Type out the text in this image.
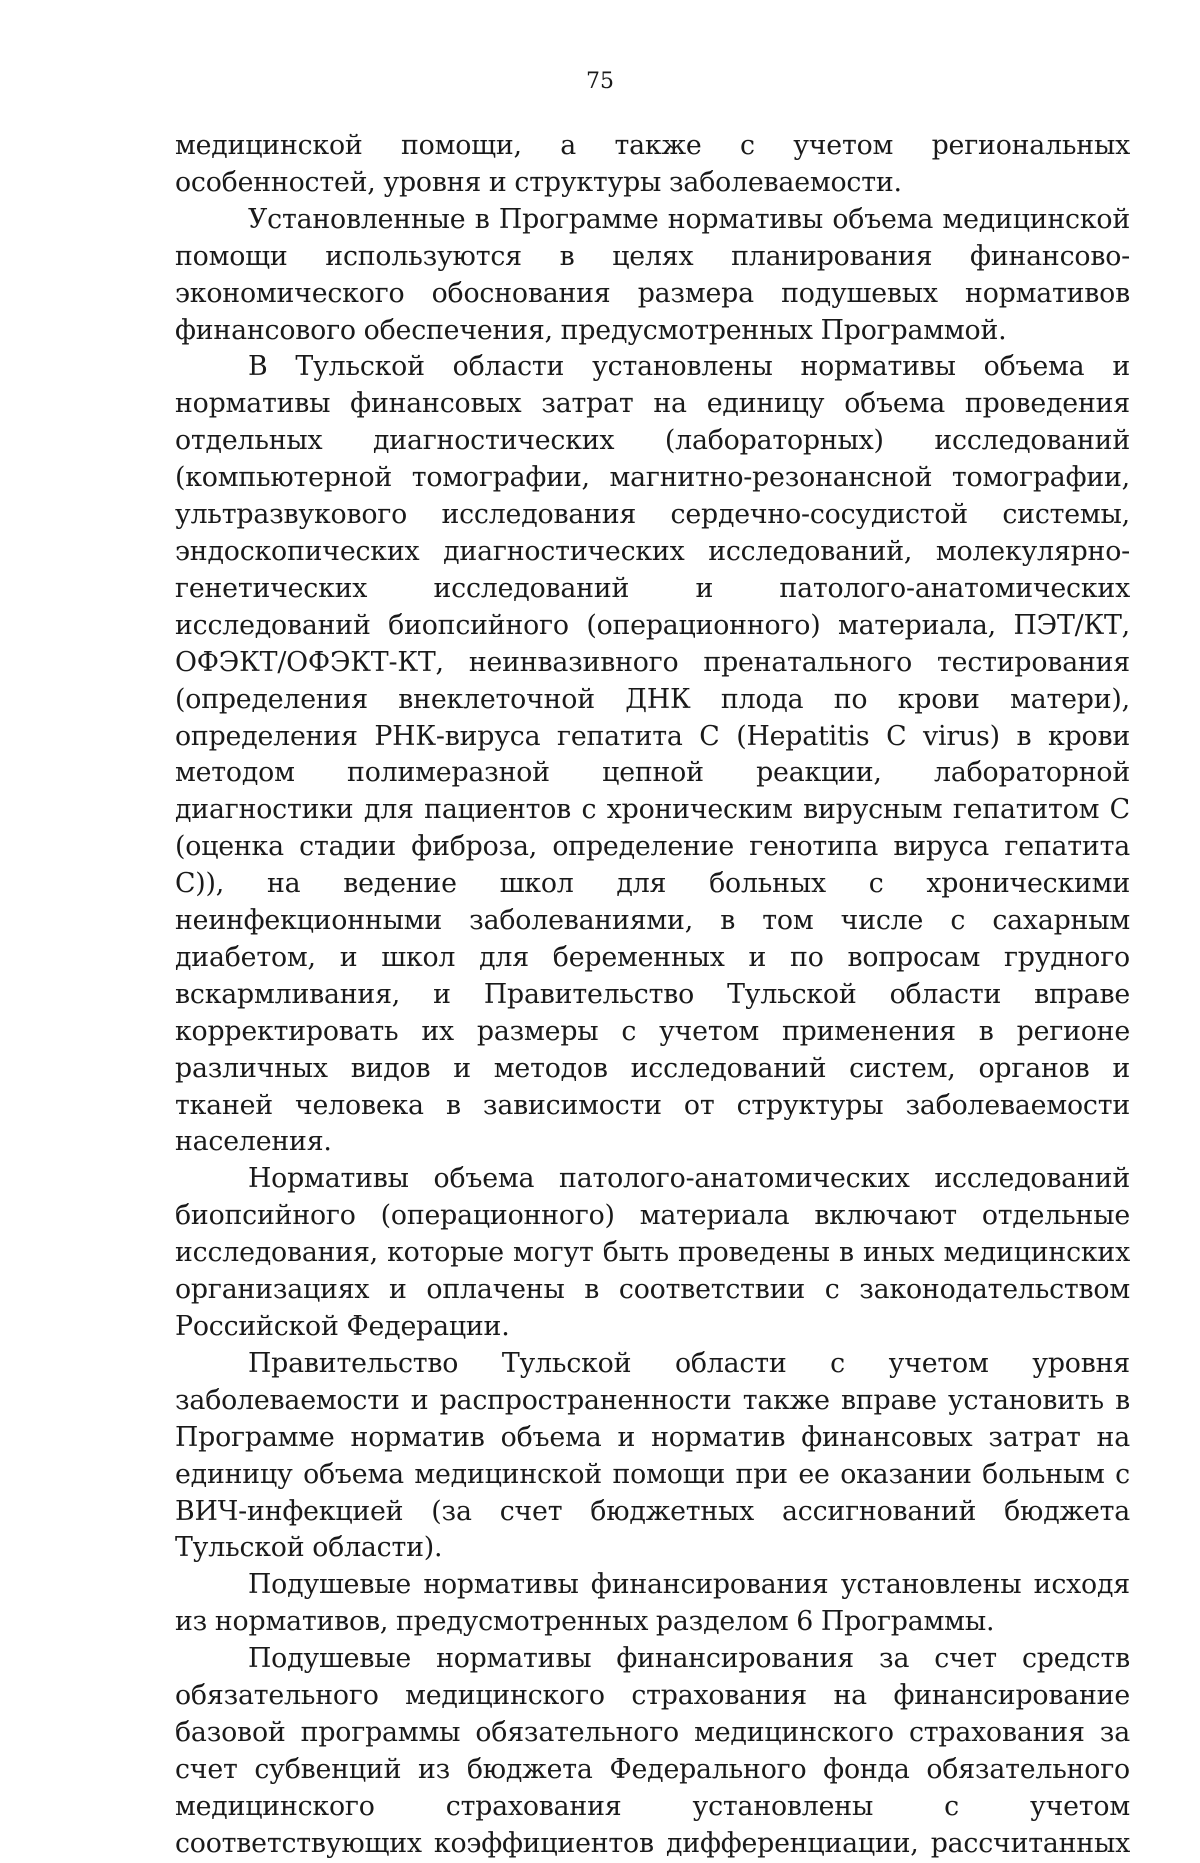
75

медицинской помощи, а также с учетом региональных особенностей, уровня и структуры заболеваемости.

Установленные в Программе нормативы объема медицинской помощи используются в целях планирования финансово-экономического обоснования размера подушевых нормативов финансового обеспечения, предусмотренных Программой.

В Тульской области установлены нормативы объема и нормативы финансовых затрат на единицу объема проведения отдельных диагностических (лабораторных) исследований (компьютерной томографии, магнитно-резонансной томографии, ультразвукового исследования сердечно-сосудистой системы, эндоскопических диагностических исследований, молекулярно-генетических исследований и патолого-анатомических исследований биопсийного (операционного) материала, ПЭТ/КТ, ОФЭКТ/ОФЭКТ-КТ, неинвазивного пренатального тестирования (определения внеклеточной ДНК плода по крови матери), определения РНК-вируса гепатита C (Hepatitis C virus) в крови методом полимеразной цепной реакции, лабораторной диагностики для пациентов с хроническим вирусным гепатитом C (оценка стадии фиброза, определение генотипа вируса гепатита C)), на ведение школ для больных с хроническими неинфекционными заболеваниями, в том числе с сахарным диабетом, и школ для беременных и по вопросам грудного вскармливания, и Правительство Тульской области вправе корректировать их размеры с учетом применения в регионе различных видов и методов исследований систем, органов и тканей человека в зависимости от структуры заболеваемости населения.

Нормативы объема патолого-анатомических исследований биопсийного (операционного) материала включают отдельные исследования, которые могут быть проведены в иных медицинских организациях и оплачены в соответствии с законодательством Российской Федерации.

Правительство Тульской области с учетом уровня заболеваемости и распространенности также вправе установить в Программе норматив объема и норматив финансовых затрат на единицу объема медицинской помощи при ее оказании больным с ВИЧ-инфекцией (за счет бюджетных ассигнований бюджета Тульской области).

Подушевые нормативы финансирования установлены исходя из нормативов, предусмотренных разделом 6 Программы.

Подушевые нормативы финансирования за счет средств обязательного медицинского страхования на финансирование базовой программы обязательного медицинского страхования за счет субвенций из бюджета Федерального фонда обязательного медицинского страхования установлены с учетом соответствующих коэффициентов дифференциации, рассчитанных
